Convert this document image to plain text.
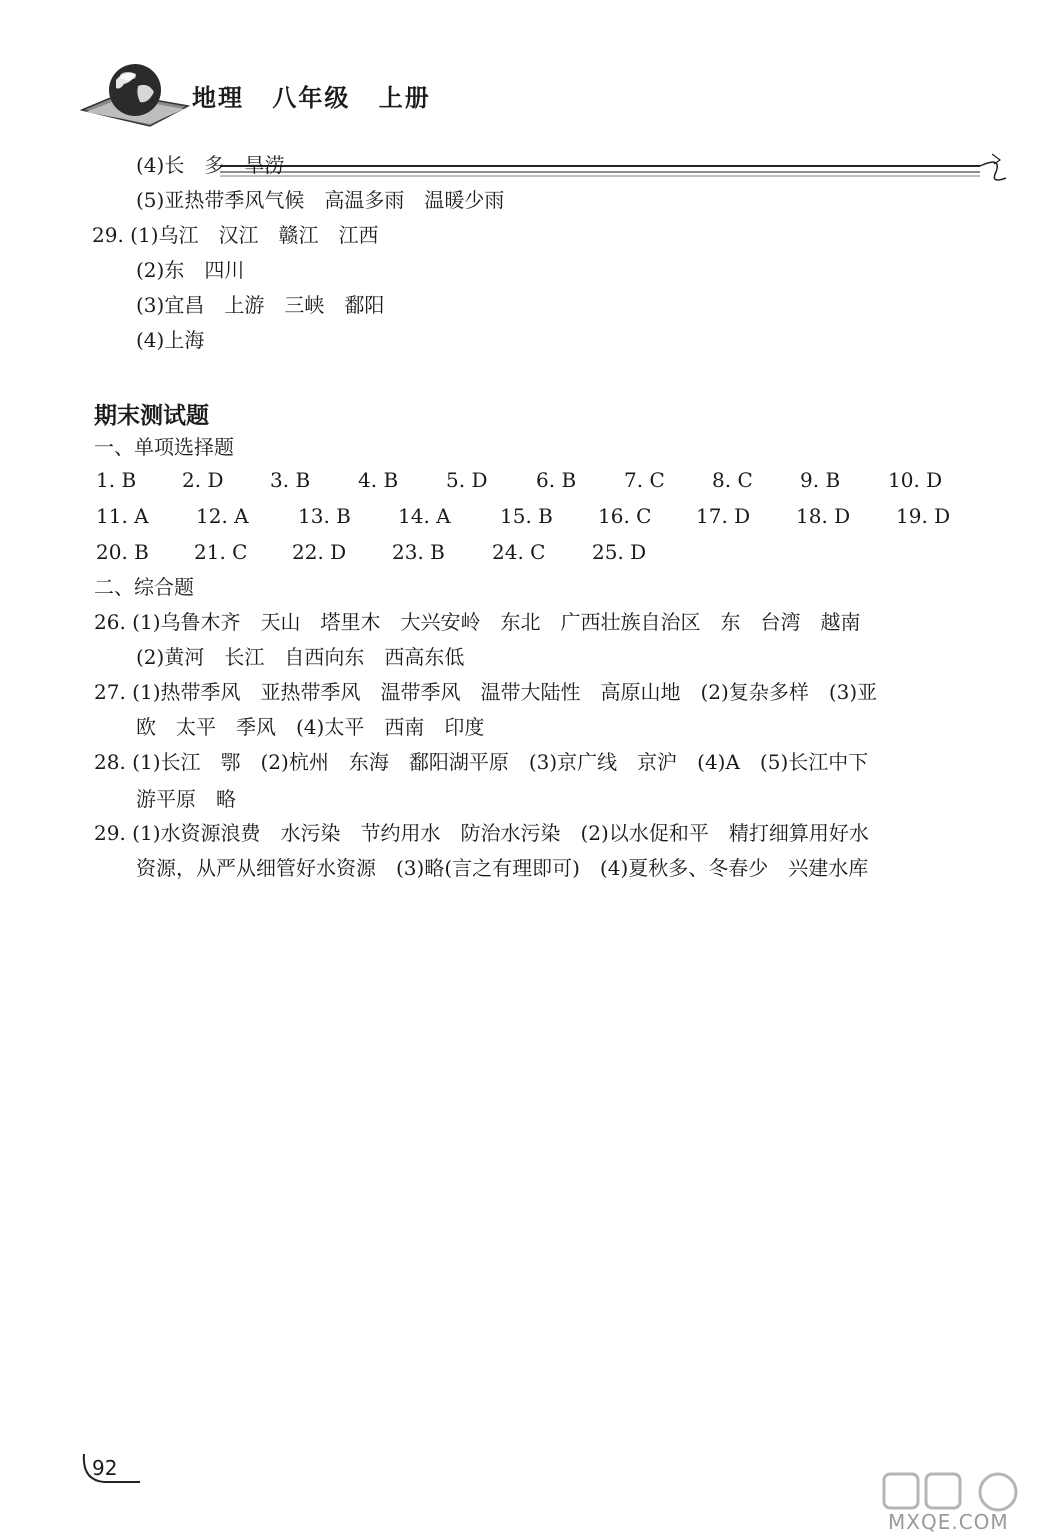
地理 八年级 上册
(4)长　多　旱涝
(5)亚热带季风气候　高温多雨　温暖少雨
29. (1)乌江　汉江　赣江　江西
(2)东　四川
(3)宜昌　上游　三峡　鄱阳
(4)上海
期末测试题
一、单项选择题
1. B 2. D 3. B 4. B 5. D 6. B 7. C 8. C 9. B 10. D
11. A 12. A 13. B 14. A 15. B 16. C 17. D 18. D 19. D
20. B 21. C 22. D 23. B 24. C 25. D
二、综合题
26. (1)乌鲁木齐　天山　塔里木　大兴安岭　东北　广西壮族自治区　东　台湾　越南
(2)黄河　长江　自西向东　西高东低
27. (1)热带季风　亚热带季风　温带季风　温带大陆性　高原山地　(2)复杂多样　(3)亚
欧　太平　季风　(4)太平　西南　印度
28. (1)长江　鄂　(2)杭州　东海　鄱阳湖平原　(3)京广线　京沪　(4)A　(5)长江中下
游平原　略
29. (1)水资源浪费　水污染　节约用水　防治水污染　(2)以水促和平　精打细算用好水
资源，从严从细管好水资源　(3)略(言之有理即可)　(4)夏秋多、冬春少　兴建水库
92
MXQE.COM
